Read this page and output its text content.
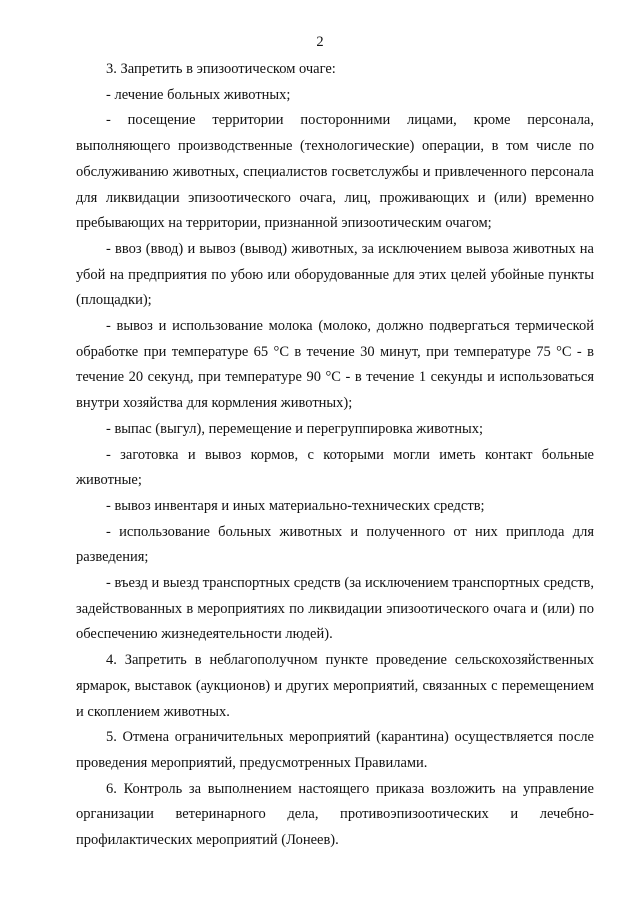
2

3. Запретить в эпизоотическом очаге:

- лечение больных животных;

- посещение территории посторонними лицами, кроме персонала, выполняющего производственные (технологические) операции, в том числе по обслуживанию животных, специалистов госветслужбы и привлеченного персонала для ликвидации эпизоотического очага, лиц, проживающих и (или) временно пребывающих на территории, признанной эпизоотическим очагом;

- ввоз (ввод) и вывоз (вывод) животных, за исключением вывоза животных на убой на предприятия по убою или оборудованные для этих целей убойные пункты (площадки);

- вывоз и использование молока (молоко, должно подвергаться термической обработке при температуре 65 °С в течение 30 минут, при температуре 75 °С - в течение 20 секунд, при температуре 90 °С - в течение 1 секунды и использоваться внутри хозяйства для кормления животных);

- выпас (выгул), перемещение и перегруппировка животных;

- заготовка и вывоз кормов, с которыми могли иметь контакт больные животные;

- вывоз инвентаря и иных материально-технических средств;

- использование больных животных и полученного от них приплода для разведения;

- въезд и выезд транспортных средств (за исключением транспортных средств, задействованных в мероприятиях по ликвидации эпизоотического очага и (или) по обеспечению жизнедеятельности людей).

4. Запретить в неблагополучном пункте проведение сельскохозяйственных ярмарок, выставок (аукционов) и других мероприятий, связанных с перемещением и скоплением животных.

5. Отмена ограничительных мероприятий (карантина) осуществляется после проведения мероприятий, предусмотренных Правилами.

6. Контроль за выполнением настоящего приказа возложить на управление организации ветеринарного дела, противоэпизоотических и лечебно-профилактических мероприятий (Лонеев).
